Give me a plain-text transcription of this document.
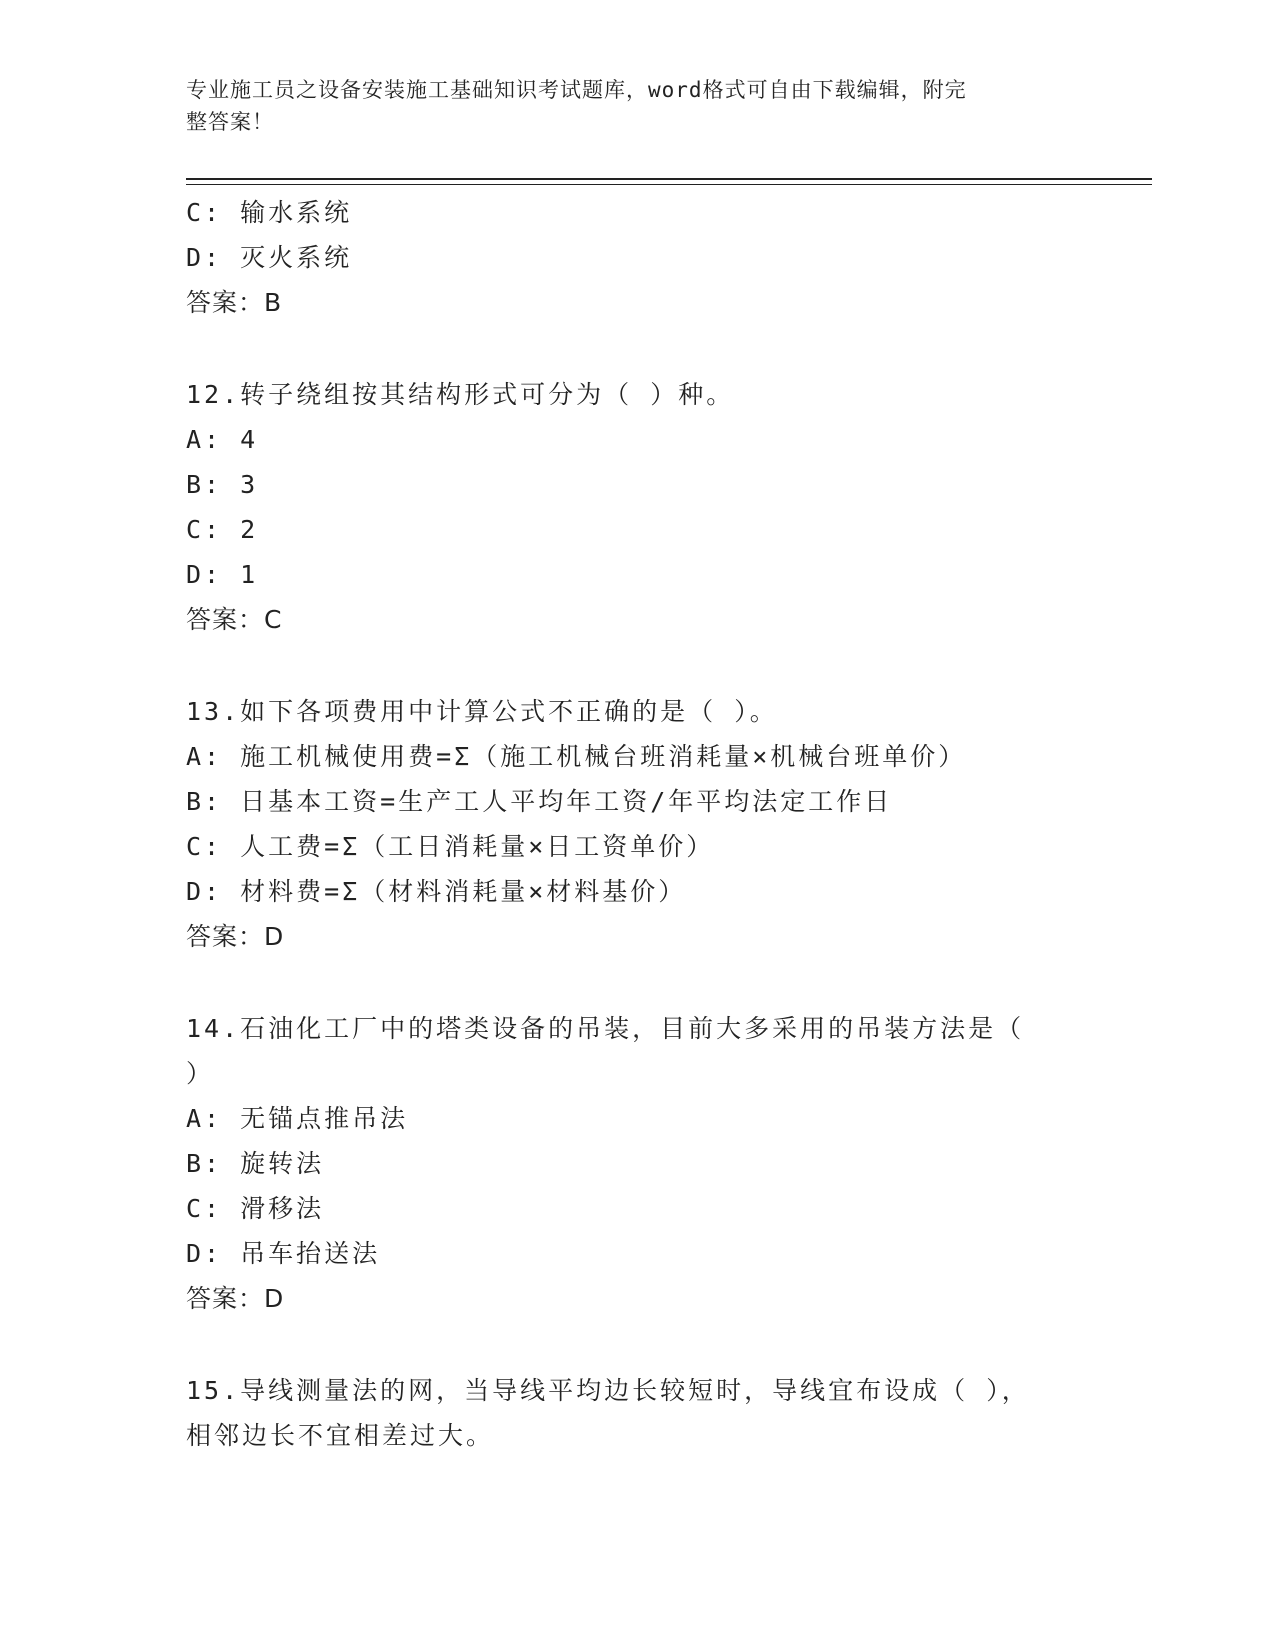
专业施工员之设备安装施工基础知识考试题库，word格式可自由下载编辑，附完
整答案！
C: 输水系统
D: 灭火系统
答案：B
12.转子绕组按其结构形式可分为（ ）种。
A: 4
B: 3
C: 2
D: 1
答案：C
13.如下各项费用中计算公式不正确的是（ ）。
A: 施工机械使用费=Σ（施工机械台班消耗量×机械台班单价）
B: 日基本工资=生产工人平均年工资/年平均法定工作日
C: 人工费=Σ（工日消耗量×日工资单价）
D: 材料费=Σ（材料消耗量×材料基价）
答案：D
14.石油化工厂中的塔类设备的吊装，目前大多采用的吊装方法是（
）
A: 无锚点推吊法
B: 旋转法
C: 滑移法
D: 吊车抬送法
答案：D
15.导线测量法的网，当导线平均边长较短时，导线宜布设成（ ），
相邻边长不宜相差过大。
